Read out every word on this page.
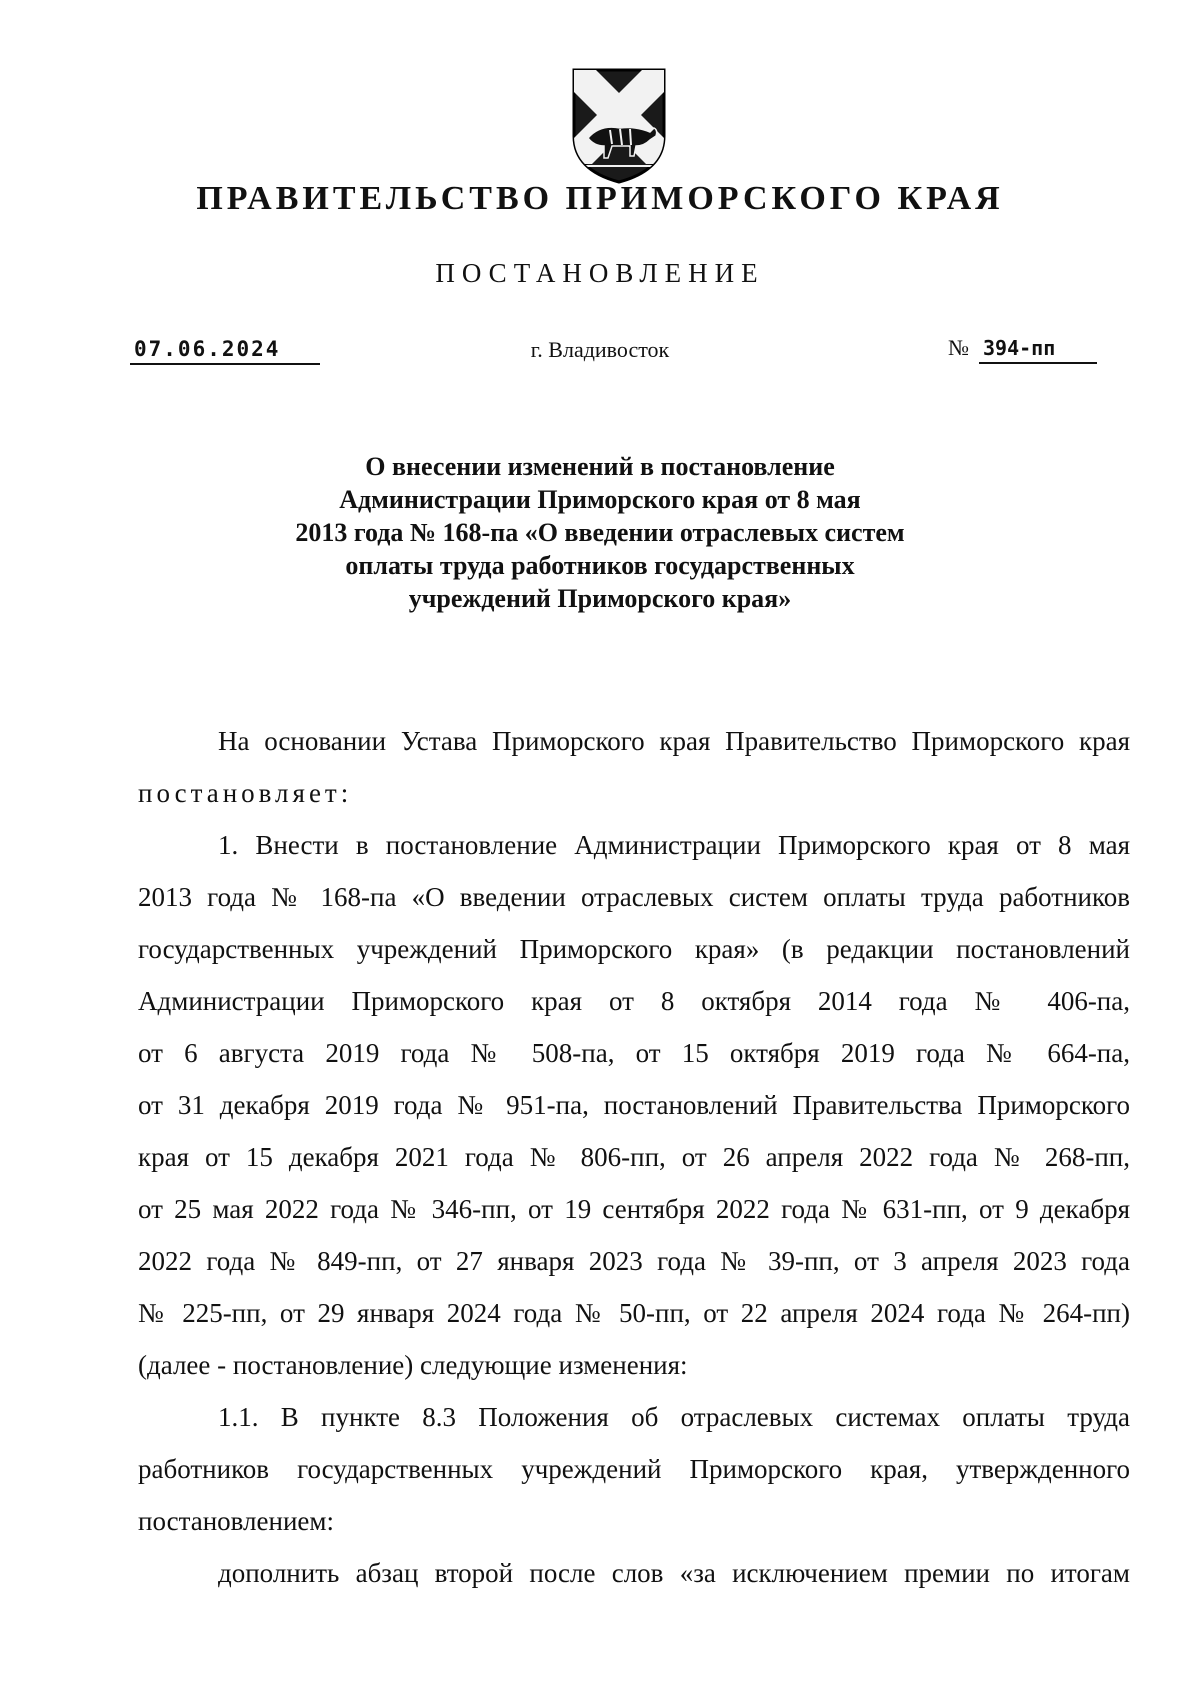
ПРАВИТЕЛЬСТВО ПРИМОРСКОГО КРАЯ
ПОСТАНОВЛЕНИЕ
07.06.2024	г. Владивосток	№ 394-пп
О внесении изменений в постановление
Администрации Приморского края от 8 мая
2013 года № 168-па «О введении отраслевых систем
оплаты труда работников государственных
учреждений Приморского края»
На основании Устава Приморского края Правительство Приморского края
постановляет:
1. Внести в постановление Администрации Приморского края от 8 мая
2013 года № 168-па «О введении отраслевых систем оплаты труда работников
государственных учреждений Приморского края» (в редакции постановлений
Администрации Приморского края от 8 октября 2014 года № 406-па,
от 6 августа 2019 года № 508-па, от 15 октября 2019 года № 664-па,
от 31 декабря 2019 года № 951-па, постановлений Правительства Приморского
края от 15 декабря 2021 года № 806-пп, от 26 апреля 2022 года № 268-пп,
от 25 мая 2022 года № 346-пп, от 19 сентября 2022 года № 631-пп, от 9 декабря
2022 года № 849-пп, от 27 января 2023 года № 39-пп, от 3 апреля 2023 года
№ 225-пп, от 29 января 2024 года № 50-пп, от 22 апреля 2024 года № 264-пп)
(далее - постановление) следующие изменения:
1.1. В пункте 8.3 Положения об отраслевых системах оплаты труда
работников государственных учреждений Приморского края, утвержденного
постановлением:
дополнить абзац второй после слов «за исключением премии по итогам
